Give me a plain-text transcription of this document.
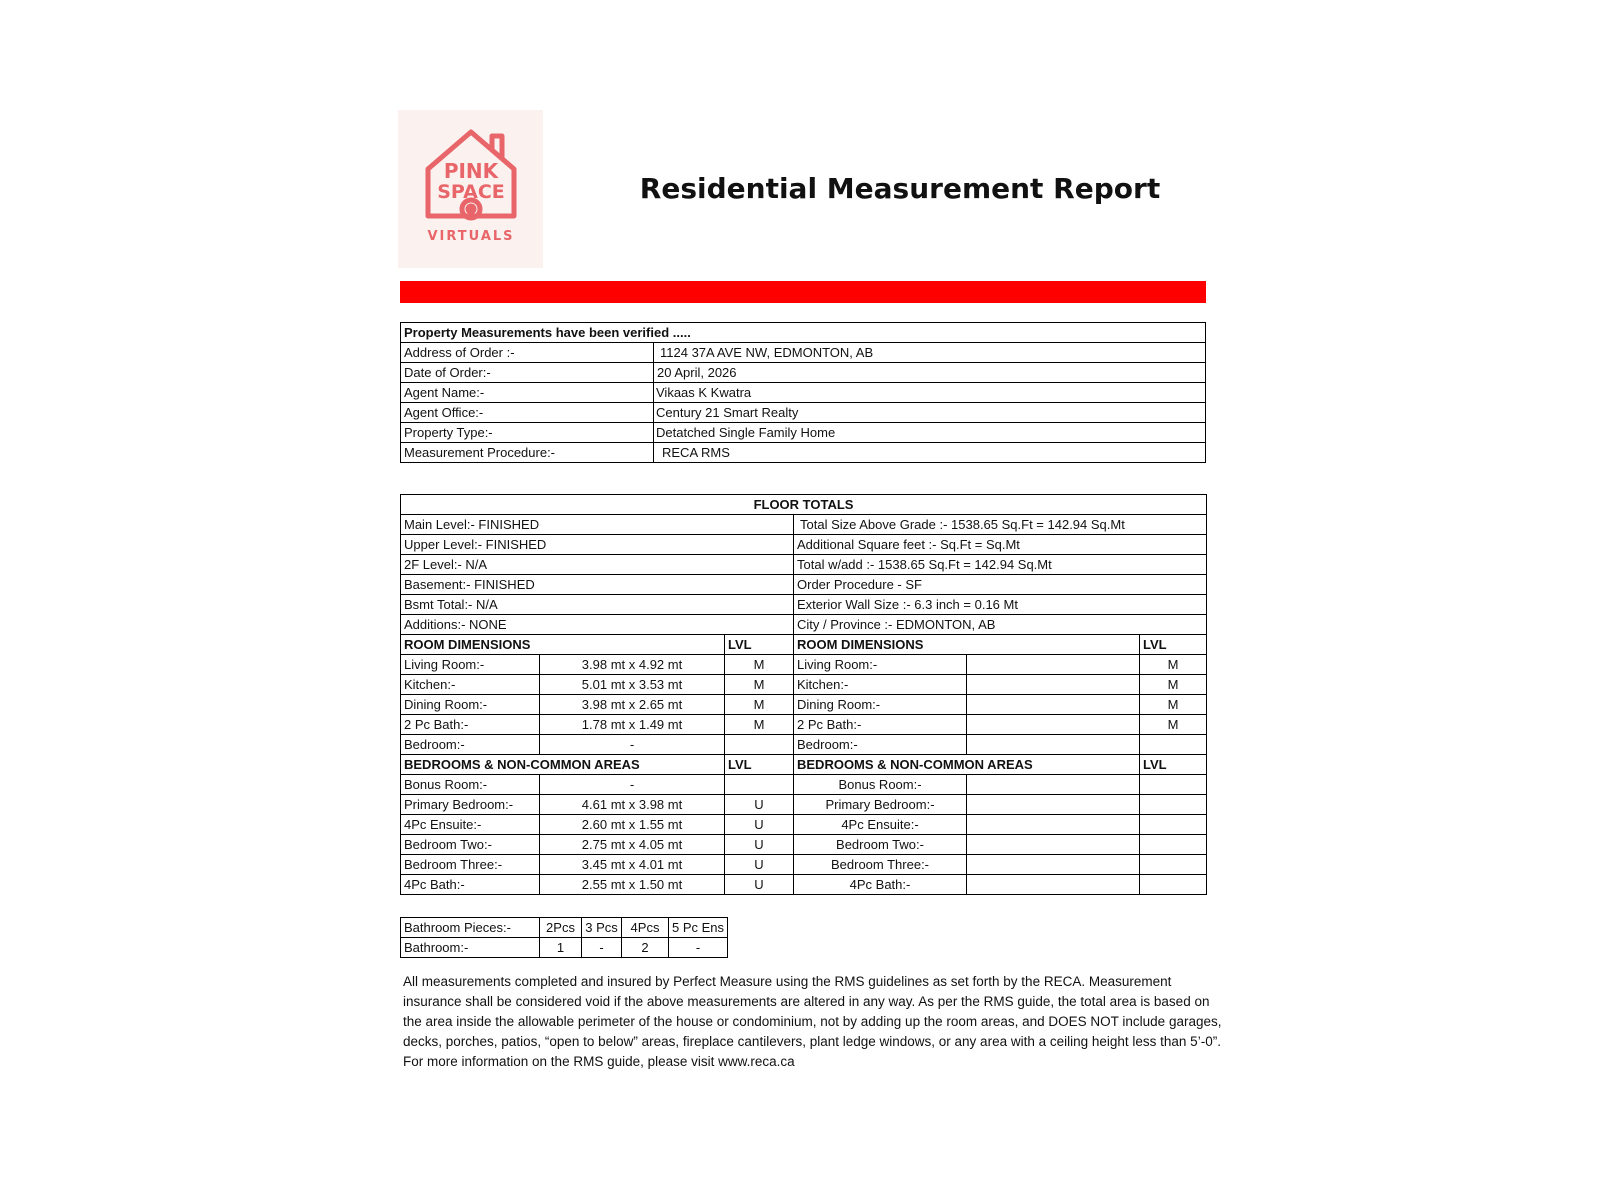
PINK
SPACE
VIRTUALS
Residential Measurement Report
Property Measurements have been verified .....	
Address of Order :-	1124 37A AVE NW, EDMONTON, AB
Date of Order:-	20 April, 2026
Agent Name:-	Vikaas K Kwatra
Agent Office:-	Century 21 Smart Realty
Property Type:-	Detatched Single Family Home
Measurement Procedure:-	RECA RMS
FLOOR TOTALS					
Main Level:- FINISHED			Total Size Above Grade :- 1538.65 Sq.Ft = 142.94 Sq.Mt		
Upper Level:- FINISHED			Additional Square feet :- Sq.Ft = Sq.Mt		
2F Level:- N/A			Total w/add :- 1538.65 Sq.Ft = 142.94 Sq.Mt		
Basement:- FINISHED			Order Procedure - SF		
Bsmt Total:- N/A			Exterior Wall Size :- 6.3 inch = 0.16 Mt		
Additions:- NONE			City / Province :- EDMONTON, AB		
ROOM DIMENSIONS		LVL	ROOM DIMENSIONS		LVL
Living Room:-	3.98 mt x 4.92 mt	M	Living Room:-		M
Kitchen:-	5.01 mt x 3.53 mt	M	Kitchen:-		M
Dining Room:-	3.98 mt x 2.65 mt	M	Dining Room:-		M
2 Pc Bath:-	1.78 mt x 1.49 mt	M	2 Pc Bath:-		M
Bedroom:-	-		Bedroom:-		
BEDROOMS & NON-COMMON AREAS		LVL	BEDROOMS & NON-COMMON AREAS		LVL
Bonus Room:-	-		Bonus Room:-		
Primary Bedroom:-	4.61 mt x 3.98 mt	U	Primary Bedroom:-		
4Pc Ensuite:-	2.60 mt x 1.55 mt	U	4Pc Ensuite:-		
Bedroom Two:-	2.75 mt x 4.05 mt	U	Bedroom Two:-		
Bedroom Three:-	3.45 mt x 4.01 mt	U	Bedroom Three:-		
4Pc Bath:-	2.55 mt x 1.50 mt	U	4Pc Bath:-		
Bathroom Pieces:-	2Pcs	3 Pcs	4Pcs	5 Pc Ens
Bathroom:-	1	-	2	-
All measurements completed and insured by Perfect Measure using the RMS guidelines as set forth by the RECA. Measurement insurance shall be considered void if the above measurements are altered in any way. As per the RMS guide, the total area is based on the area inside the allowable perimeter of the house or condominium, not by adding up the room areas, and DOES NOT include garages, decks, porches, patios, “open to below” areas, fireplace cantilevers, plant ledge windows, or any area with a ceiling height less than 5’-0”. For more information on the RMS guide, please visit www.reca.ca
